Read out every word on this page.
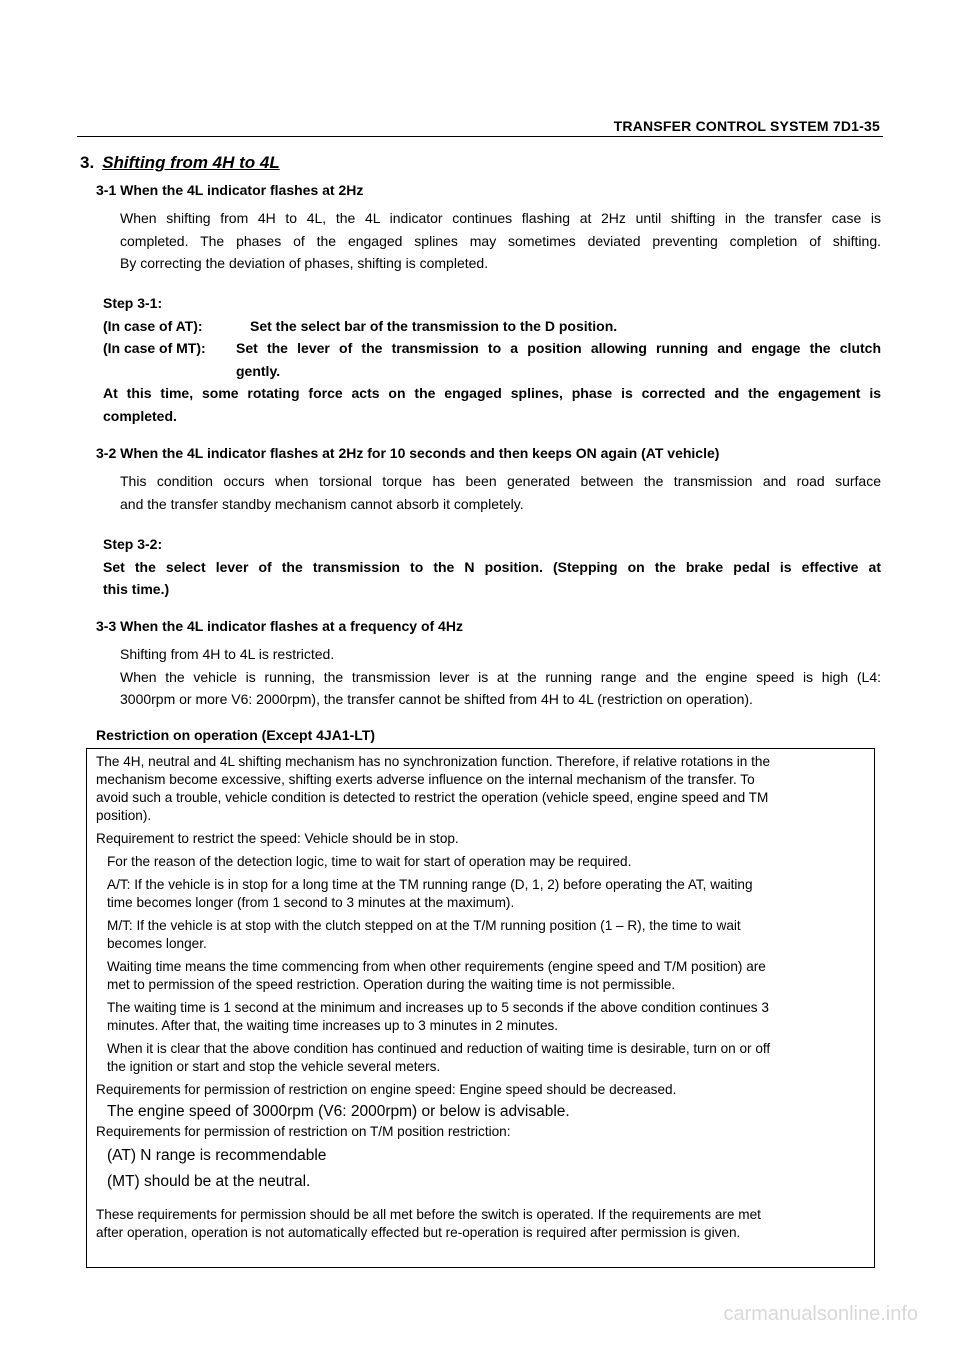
TRANSFER CONTROL SYSTEM 7D1-35
3. Shifting from 4H to 4L
3-1 When the 4L indicator flashes at 2Hz
When shifting from 4H to 4L, the 4L indicator continues flashing at 2Hz until shifting in the transfer case is
completed. The phases of the engaged splines may sometimes deviated preventing completion of shifting.
By correcting the deviation of phases, shifting is completed.
Step 3-1:
(In case of AT):	Set the select bar of the transmission to the D position.
(In case of MT): Set the lever of the transmission to a position allowing running and engage the clutch
gently.
At this time, some rotating force acts on the engaged splines, phase is corrected and the engagement is
completed.
3-2 When the 4L indicator flashes at 2Hz for 10 seconds and then keeps ON again (AT vehicle)
This condition occurs when torsional torque has been generated between the transmission and road surface
and the transfer standby mechanism cannot absorb it completely.
Step 3-2:
Set the select lever of the transmission to the N position. (Stepping on the brake pedal is effective at
this time.)
3-3 When the 4L indicator flashes at a frequency of 4Hz
Shifting from 4H to 4L is restricted.
When the vehicle is running, the transmission lever is at the running range and the engine speed is high (L4:
3000rpm or more V6: 2000rpm), the transfer cannot be shifted from 4H to 4L (restriction on operation).
Restriction on operation (Except 4JA1-LT)
The 4H, neutral and 4L shifting mechanism has no synchronization function. Therefore, if relative rotations in the
mechanism become excessive, shifting exerts adverse influence on the internal mechanism of the transfer. To
avoid such a trouble, vehicle condition is detected to restrict the operation (vehicle speed, engine speed and TM
position).
Requirement to restrict the speed: Vehicle should be in stop.
For the reason of the detection logic, time to wait for start of operation may be required.
A/T: If the vehicle is in stop for a long time at the TM running range (D, 1, 2) before operating the AT, waiting
time becomes longer (from 1 second to 3 minutes at the maximum).
M/T: If the vehicle is at stop with the clutch stepped on at the T/M running position (1 – R), the time to wait
becomes longer.
Waiting time means the time commencing from when other requirements (engine speed and T/M position) are
met to permission of the speed restriction. Operation during the waiting time is not permissible.
The waiting time is 1 second at the minimum and increases up to 5 seconds if the above condition continues 3
minutes. After that, the waiting time increases up to 3 minutes in 2 minutes.
When it is clear that the above condition has continued and reduction of waiting time is desirable, turn on or off
the ignition or start and stop the vehicle several meters.
Requirements for permission of restriction on engine speed: Engine speed should be decreased.
The engine speed of 3000rpm (V6: 2000rpm) or below is advisable.
Requirements for permission of restriction on T/M position restriction:
(AT) N range is recommendable
(MT) should be at the neutral.
These requirements for permission should be all met before the switch is operated. If the requirements are met
after operation, operation is not automatically effected but re-operation is required after permission is given.
carmanualsonline.info
